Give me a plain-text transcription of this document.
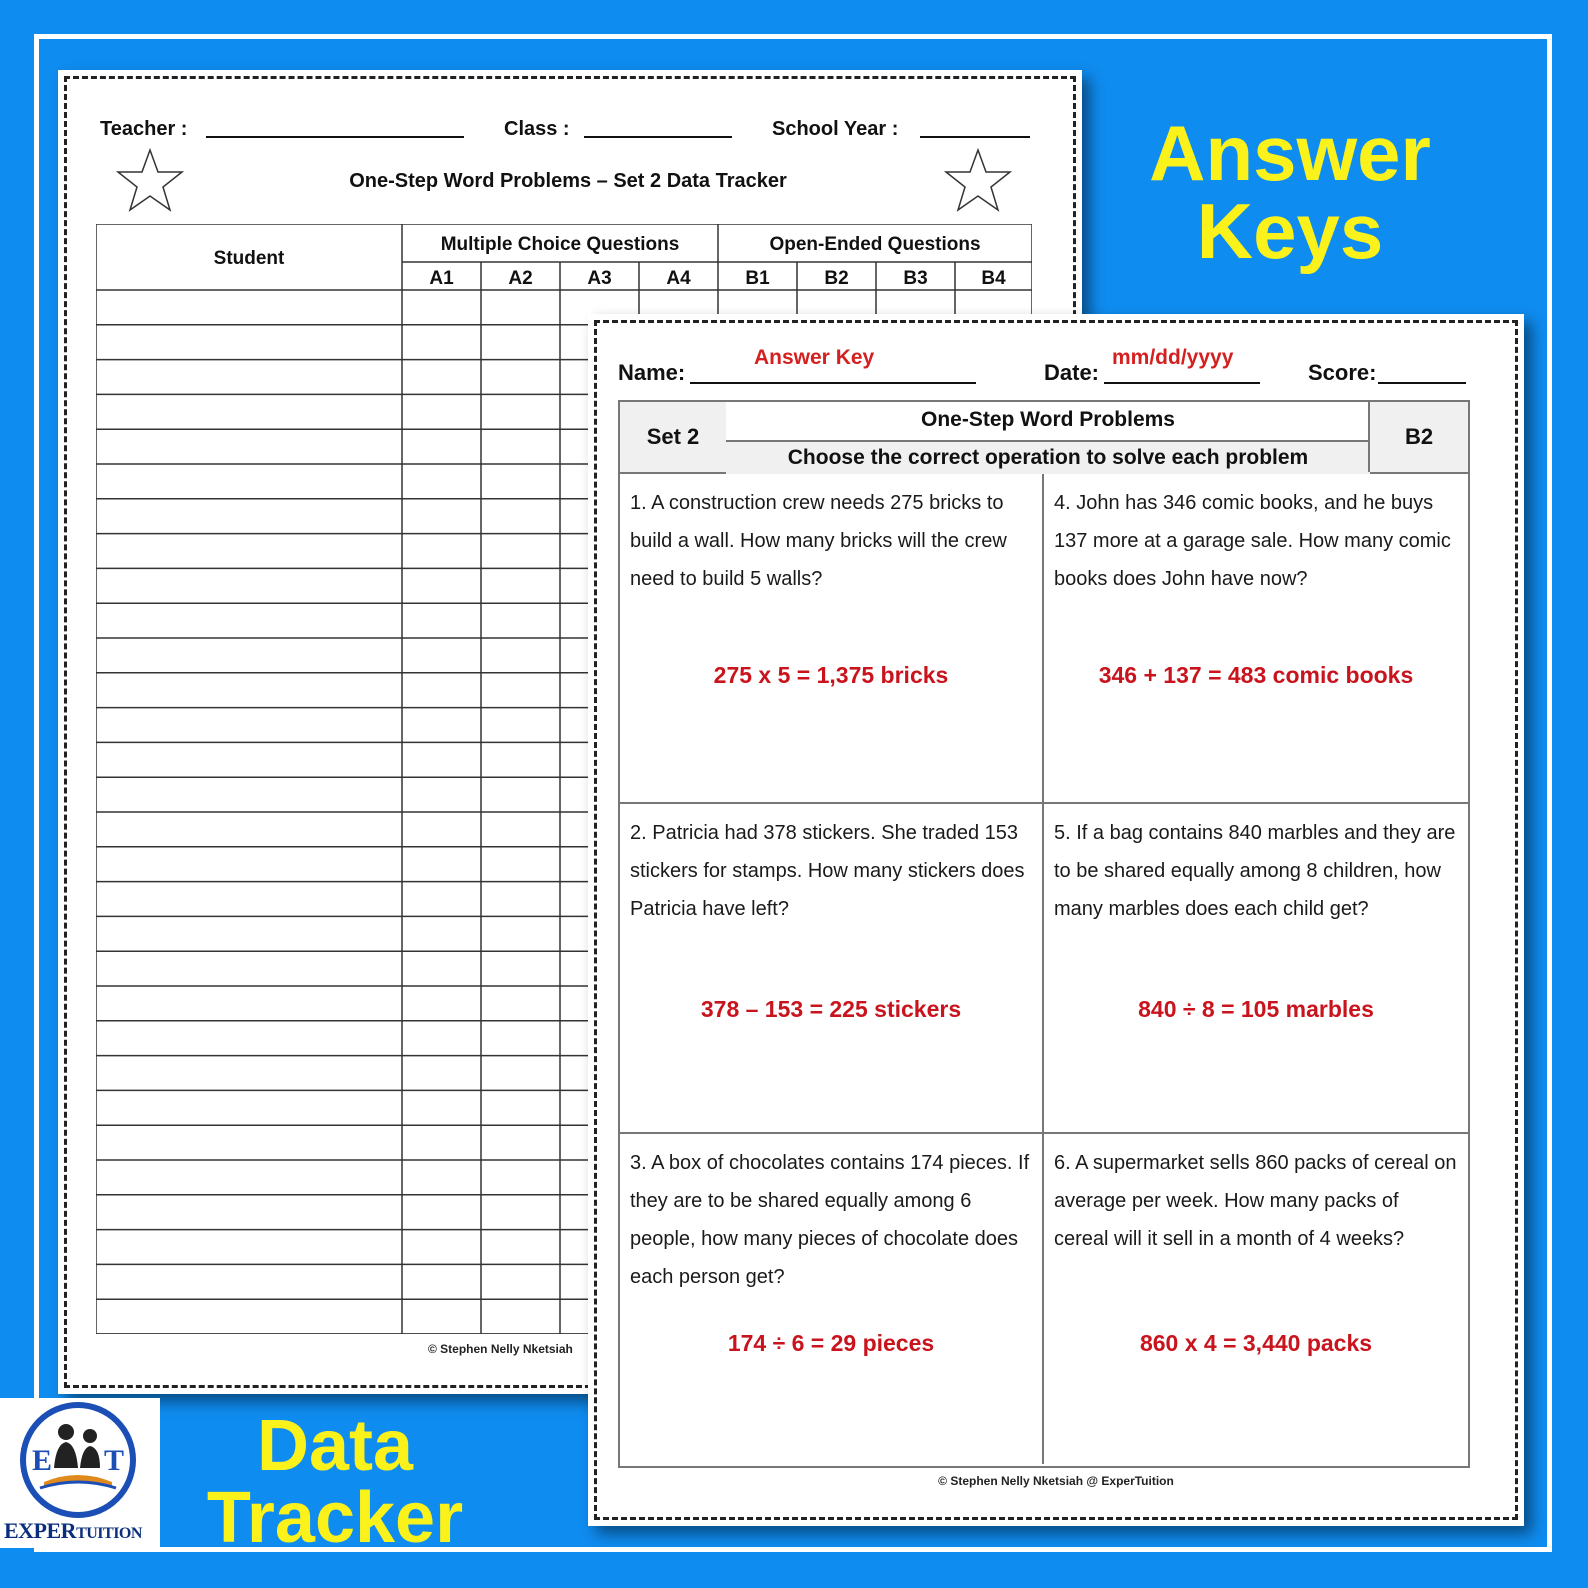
Teacher :	Class :	School Year :
One-Step Word Problems – Set 2 Data Tracker
Student
Multiple Choice Questions	Open-Ended Questions
A1	A2	A3	A4	B1	B2	B3	B4
© Stephen Nelly Nketsiah
Name:
Answer Key
Date:
mm/dd/yyyy
Score:
Set 2
One-Step Word Problems
Choose the correct operation to solve each problem
B2
1. A construction crew needs 275 bricks to build a wall. How many bricks will the crew need to build 5 walls?
275 x 5 = 1,375 bricks
4. John has 346 comic books, and he buys 137 more at a garage sale. How many comic books does John have now?
346 + 137 = 483 comic books
2. Patricia had 378 stickers. She traded 153 stickers for stamps. How many stickers does Patricia have left?
378 – 153 = 225 stickers
5. If a bag contains 840 marbles and they are to be shared equally among 8 children, how many marbles does each child get?
840 ÷ 8 = 105 marbles
3. A box of chocolates contains 174 pieces. If they are to be shared equally among 6 people, how many pieces of chocolate does each person get?
174 ÷ 6 = 29 pieces
6. A supermarket sells 860 packs of cereal on average per week. How many packs of cereal will it sell in a month of 4 weeks?
860 x 4 = 3,440 packs
© Stephen Nelly Nketsiah @ ExperTuition
Answer
Keys
Data
Tracker
E T
EXPERTUITION
